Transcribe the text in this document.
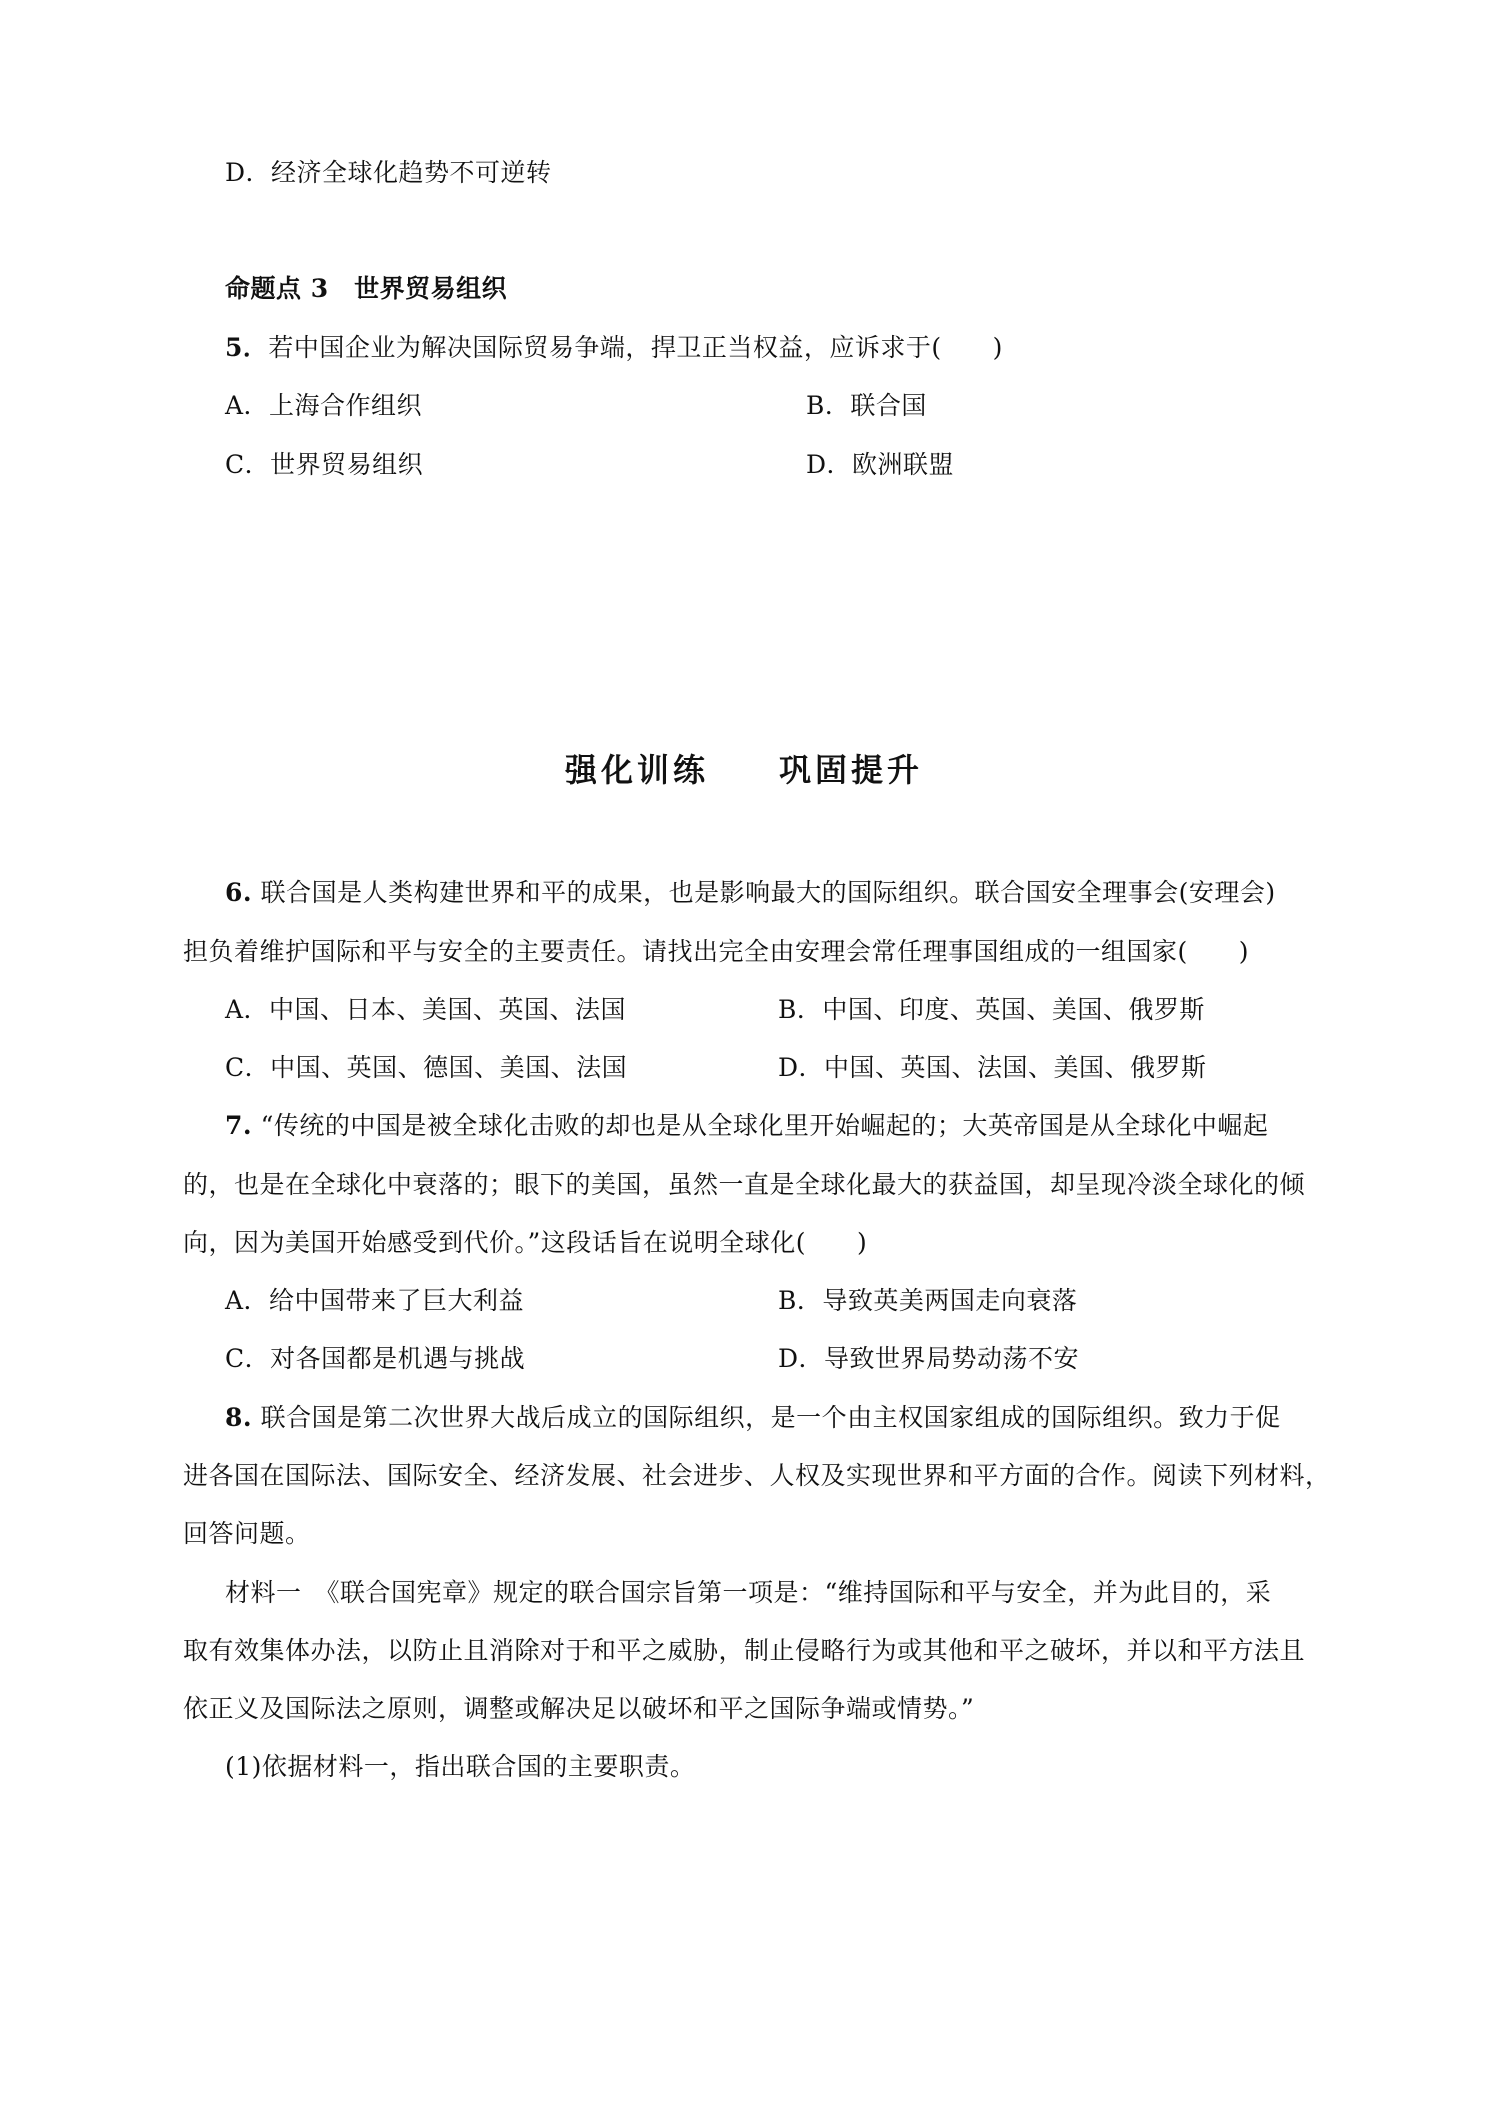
D．经济全球化趋势不可逆转
命题点 3　世界贸易组织
5．若中国企业为解决国际贸易争端，捍卫正当权益，应诉求于(　　)
A．上海合作组织	B．联合国
C．世界贸易组织	D．欧洲联盟
强化训练 巩固提升
6. 联合国是人类构建世界和平的成果，也是影响最大的国际组织。联合国安全理事会(安理会)
担负着维护国际和平与安全的主要责任。请找出完全由安理会常任理事国组成的一组国家(　　)
A．中国、日本、美国、英国、法国	B．中国、印度、英国、美国、俄罗斯
C．中国、英国、德国、美国、法国	D．中国、英国、法国、美国、俄罗斯
7. “传统的中国是被全球化击败的却也是从全球化里开始崛起的；大英帝国是从全球化中崛起
的，也是在全球化中衰落的；眼下的美国，虽然一直是全球化最大的获益国，却呈现冷淡全球化的倾
向，因为美国开始感受到代价。”这段话旨在说明全球化(　　)
A．给中国带来了巨大利益	B．导致英美两国走向衰落
C．对各国都是机遇与挑战	D．导致世界局势动荡不安
8. 联合国是第二次世界大战后成立的国际组织，是一个由主权国家组成的国际组织。致力于促
进各国在国际法、国际安全、经济发展、社会进步、人权及实现世界和平方面的合作。阅读下列材料，
回答问题。
材料一　《联合国宪章》规定的联合国宗旨第一项是：“维持国际和平与安全，并为此目的，采
取有效集体办法，以防止且消除对于和平之威胁，制止侵略行为或其他和平之破坏，并以和平方法且
依正义及国际法之原则，调整或解决足以破坏和平之国际争端或情势。”
(1)依据材料一，指出联合国的主要职责。
